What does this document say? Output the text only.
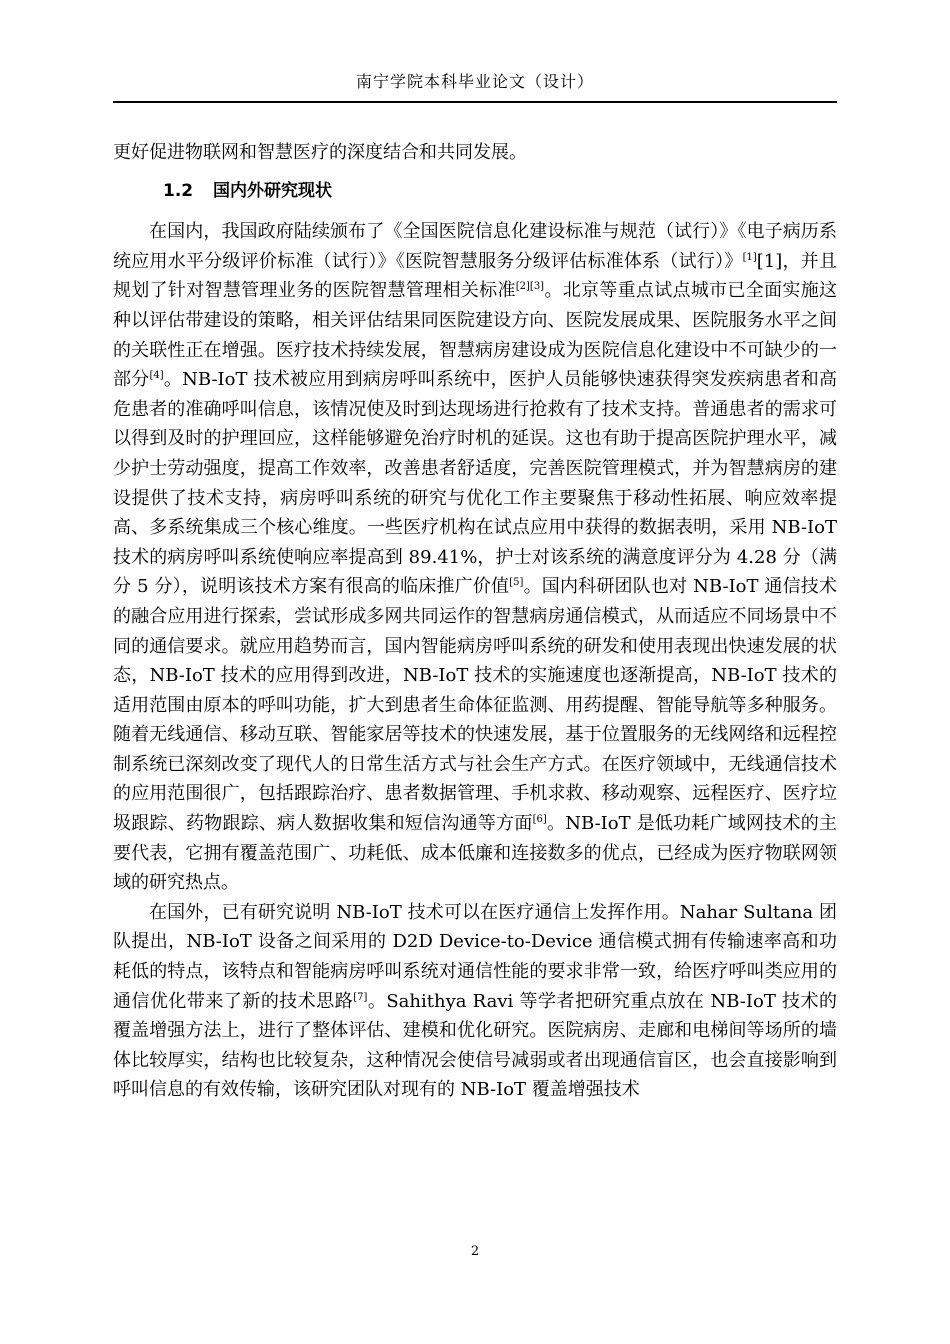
南宁学院本科毕业论文（设计）

更好促进物联网和智慧医疗的深度结合和共同发展。

1.2 国内外研究现状

在国内，我国政府陆续颁布了《全国医院信息化建设标准与规范（试行）》《电子病历系统应用水平分级评价标准（试行）》《医院智慧服务分级评估标准体系（试行）》[1][1]，并且规划了针对智慧管理业务的医院智慧管理相关标准[2][3]。北京等重点试点城市已全面实施这种以评估带建设的策略，相关评估结果同医院建设方向、医院发展成果、医院服务水平之间的关联性正在增强。医疗技术持续发展，智慧病房建设成为医院信息化建设中不可缺少的一部分[4]。NB-IoT 技术被应用到病房呼叫系统中，医护人员能够快速获得突发疾病患者和高危患者的准确呼叫信息，该情况使及时到达现场进行抢救有了技术支持。普通患者的需求可以得到及时的护理回应，这样能够避免治疗时机的延误。这也有助于提高医院护理水平，减少护士劳动强度，提高工作效率，改善患者舒适度，完善医院管理模式，并为智慧病房的建设提供了技术支持，病房呼叫系统的研究与优化工作主要聚焦于移动性拓展、响应效率提高、多系统集成三个核心维度。一些医疗机构在试点应用中获得的数据表明，采用 NB-IoT 技术的病房呼叫系统使响应率提高到 89.41%，护士对该系统的满意度评分为 4.28 分（满分 5 分），说明该技术方案有很高的临床推广价值[5]。国内科研团队也对 NB-IoT 通信技术的融合应用进行探索，尝试形成多网共同运作的智慧病房通信模式，从而适应不同场景中不同的通信要求。就应用趋势而言，国内智能病房呼叫系统的研发和使用表现出快速发展的状态，NB-IoT 技术的应用得到改进，NB-IoT 技术的实施速度也逐渐提高，NB-IoT 技术的适用范围由原本的呼叫功能，扩大到患者生命体征监测、用药提醒、智能导航等多种服务。随着无线通信、移动互联、智能家居等技术的快速发展，基于位置服务的无线网络和远程控制系统已深刻改变了现代人的日常生活方式与社会生产方式。在医疗领域中，无线通信技术的应用范围很广，包括跟踪治疗、患者数据管理、手机求救、移动观察、远程医疗、医疗垃圾跟踪、药物跟踪、病人数据收集和短信沟通等方面[6]。NB-IoT 是低功耗广域网技术的主要代表，它拥有覆盖范围广、功耗低、成本低廉和连接数多的优点，已经成为医疗物联网领域的研究热点。

在国外，已有研究说明 NB-IoT 技术可以在医疗通信上发挥作用。Nahar Sultana 团队提出，NB-IoT 设备之间采用的 D2D Device-to-Device 通信模式拥有传输速率高和功耗低的特点，该特点和智能病房呼叫系统对通信性能的要求非常一致，给医疗呼叫类应用的通信优化带来了新的技术思路[7]。Sahithya Ravi 等学者把研究重点放在 NB-IoT 技术的覆盖增强方法上，进行了整体评估、建模和优化研究。医院病房、走廊和电梯间等场所的墙体比较厚实，结构也比较复杂，这种情况会使信号减弱或者出现通信盲区，也会直接影响到呼叫信息的有效传输，该研究团队对现有的 NB-IoT 覆盖增强技术

2
